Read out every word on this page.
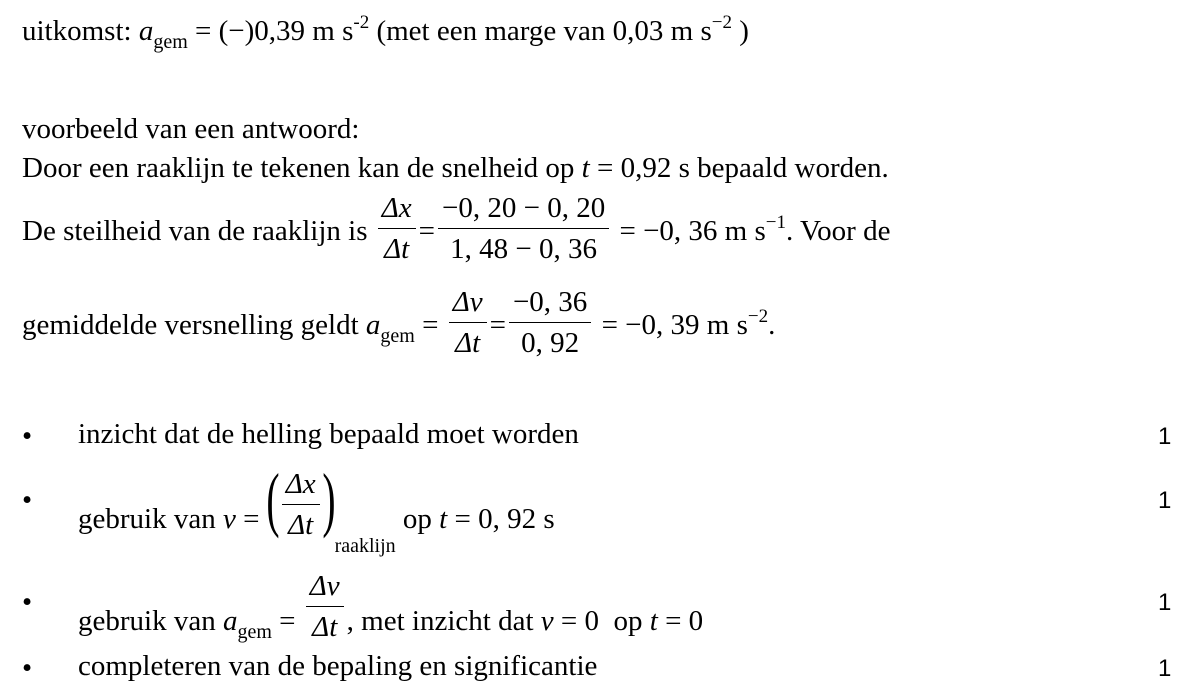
uitkomst: $a_{gem} = (-)0,39$ m $s^{-2}$ (met een marge van 0,03 m $s^{-2}$ )
voorbeeld van een antwoord:
Door een raaklijn te tekenen kan de snelheid op t = 0,92 s bepaald worden.
De steilheid van de raaklijn is $\frac{\Delta x}{\Delta t} = \frac{-0, 20 - 0, 20}{1, 48 - 0, 36} = -0$, 36 m $s^{-1}$. Voor de
gemiddelde versnelling geldt $a_{gem} = \frac{\Delta v}{\Delta t} = \frac{-0, 36}{0, 92} = -0$, 39 m $s^{-2}$.
• inzicht dat de helling bepaald moet worden	1
•
gebruik van v = ( $\frac{\Delta x}{\Delta t} )_{raaklijn}$ op t = 0, 92 s
1
•
gebruik van $a_{gem} = \frac{\Delta v}{\Delta t}$ , met inzicht dat v = 0  op t = 0
1
• completeren van de bepaling en significantie	1
